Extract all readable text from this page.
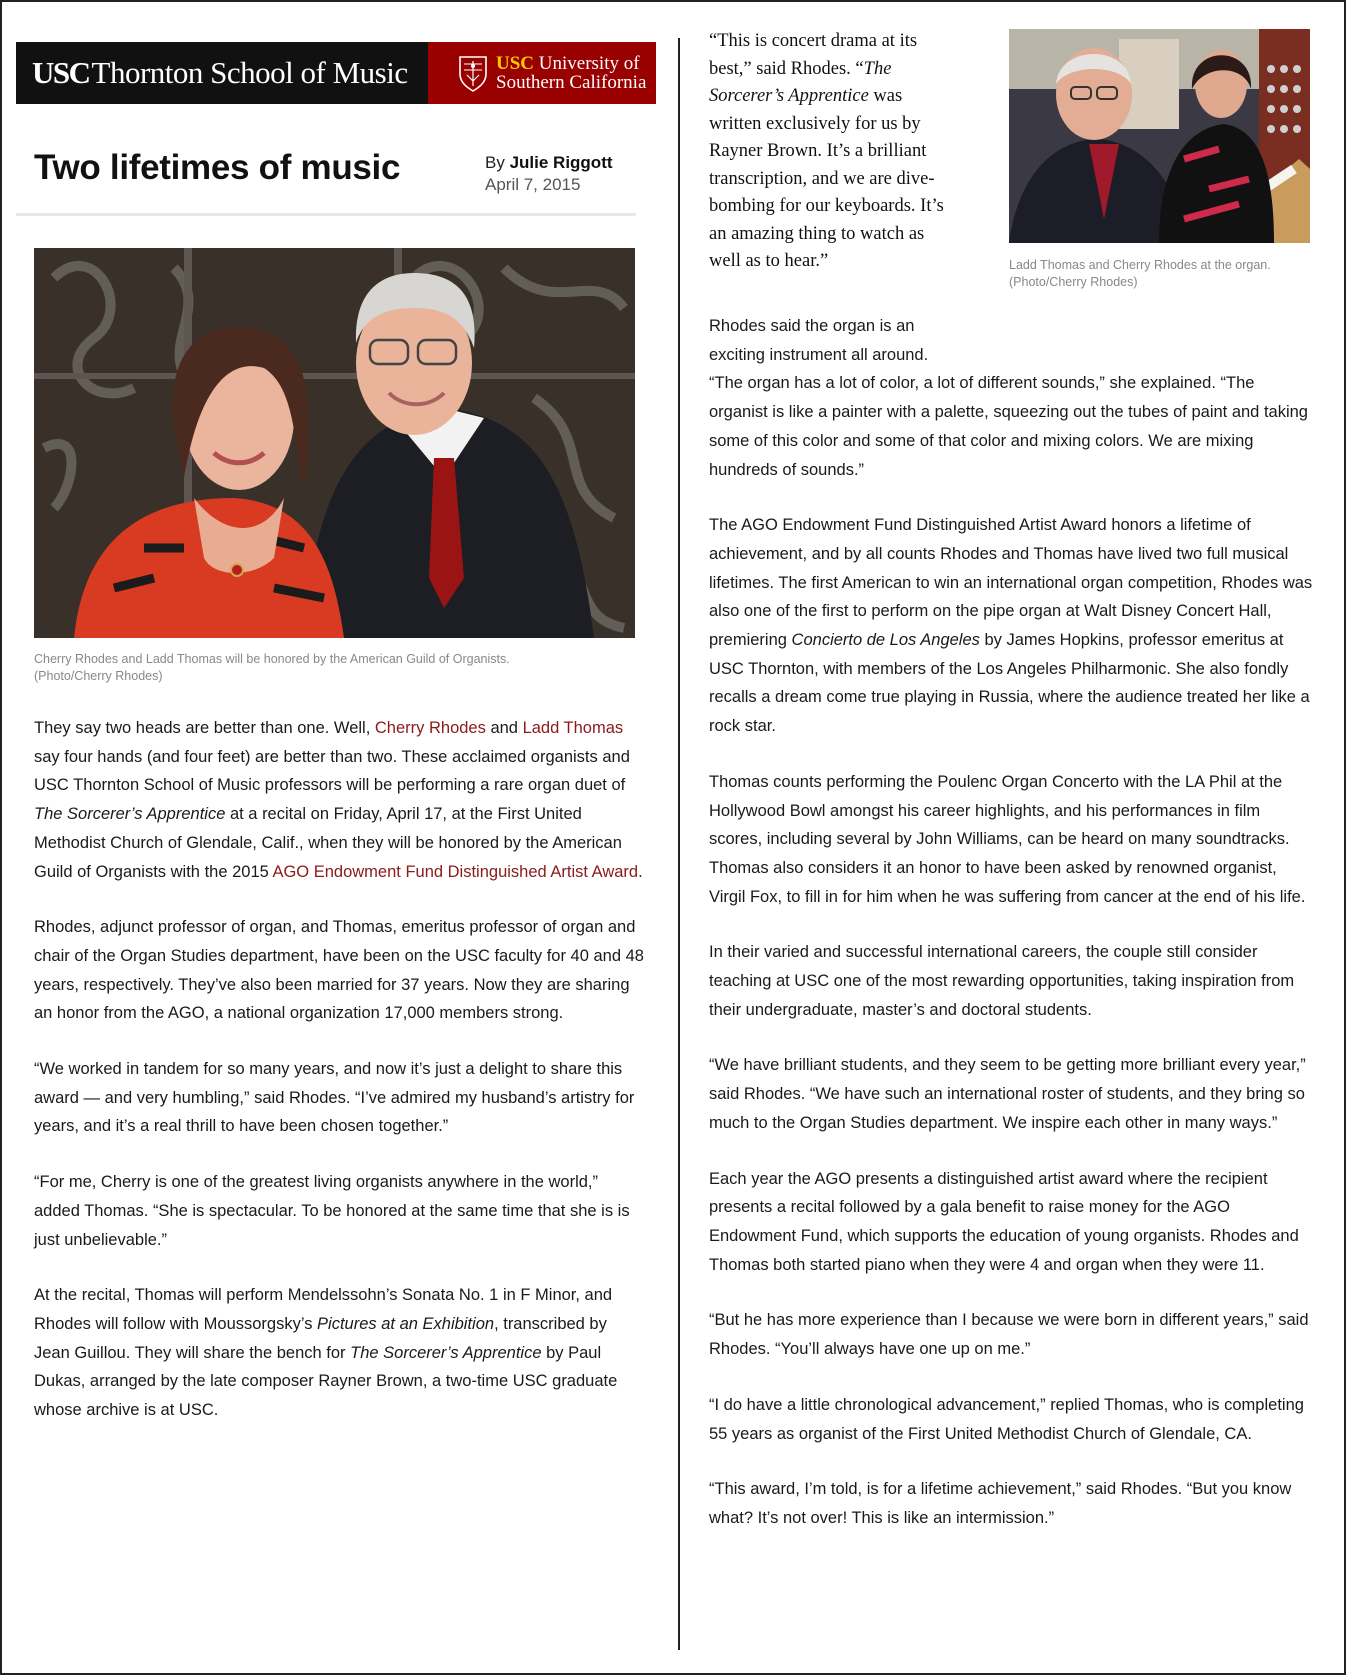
USC Thornton School of Music	USC University of
Southern California
Two lifetimes of music	By Julie Riggott
April 7, 2015
Cherry Rhodes and Ladd Thomas will be honored by the American Guild of Organists.
(Photo/Cherry Rhodes)

They say two heads are better than one. Well, Cherry Rhodes and Ladd Thomas say four hands (and four feet) are better than two. These acclaimed organists and USC Thornton School of Music professors will be performing a rare organ duet of The Sorcerer’s Apprentice at a recital on Friday, April 17, at the First United Methodist Church of Glendale, Calif., when they will be honored by the American Guild of Organists with the 2015 AGO Endowment Fund Distinguished Artist Award.

Rhodes, adjunct professor of organ, and Thomas, emeritus professor of organ and chair of the Organ Studies department, have been on the USC faculty for 40 and 48 years, respectively. They’ve also been married for 37 years. Now they are sharing an honor from the AGO, a national organization 17,000 members strong.

“We worked in tandem for so many years, and now it’s just a delight to share this award — and very humbling,” said Rhodes. “I’ve admired my husband’s artistry for years, and it’s a real thrill to have been chosen together.”

“For me, Cherry is one of the greatest living organists anywhere in the world,” added Thomas. “She is spectacular. To be honored at the same time that she is is just unbelievable.”

At the recital, Thomas will perform Mendelssohn’s Sonata No. 1 in F Minor, and Rhodes will follow with Moussorgsky’s Pictures at an Exhibition, transcribed by Jean Guillou. They will share the bench for The Sorcerer’s Apprentice by Paul Dukas, arranged by the late composer Rayner Brown, a two-time USC graduate whose archive is at USC.

“This is concert drama at its best,” said Rhodes. “The Sorcerer’s Apprentice was written exclusively for us by Rayner Brown. It’s a brilliant transcription, and we are dive-bombing for our keyboards. It’s an amazing thing to watch as well as to hear.”	Ladd Thomas and Cherry Rhodes at the organ.
(Photo/Cherry Rhodes)

Rhodes said the organ is an
exciting instrument all around.
“The organ has a lot of color, a lot of different sounds,” she explained. “The organist is like a painter with a palette, squeezing out the tubes of paint and taking some of this color and some of that color and mixing colors. We are mixing hundreds of sounds.”

The AGO Endowment Fund Distinguished Artist Award honors a lifetime of achievement, and by all counts Rhodes and Thomas have lived two full musical lifetimes. The first American to win an international organ competition, Rhodes was also one of the first to perform on the pipe organ at Walt Disney Concert Hall, premiering Concierto de Los Angeles by James Hopkins, professor emeritus at USC Thornton, with members of the Los Angeles Philharmonic. She also fondly recalls a dream come true playing in Russia, where the audience treated her like a rock star.

Thomas counts performing the Poulenc Organ Concerto with the LA Phil at the Hollywood Bowl amongst his career highlights, and his performances in film scores, including several by John Williams, can be heard on many soundtracks. Thomas also considers it an honor to have been asked by renowned organist, Virgil Fox, to fill in for him when he was suffering from cancer at the end of his life.

In their varied and successful international careers, the couple still consider teaching at USC one of the most rewarding opportunities, taking inspiration from their undergraduate, master’s and doctoral students.

“We have brilliant students, and they seem to be getting more brilliant every year,” said Rhodes. “We have such an international roster of students, and they bring so much to the Organ Studies department. We inspire each other in many ways.”

Each year the AGO presents a distinguished artist award where the recipient presents a recital followed by a gala benefit to raise money for the AGO Endowment Fund, which supports the education of young organists. Rhodes and Thomas both started piano when they were 4 and organ when they were 11.

“But he has more experience than I because we were born in different years,” said Rhodes. “You’ll always have one up on me.”

“I do have a little chronological advancement,” replied Thomas, who is completing 55 years as organist of the First United Methodist Church of Glendale, CA.

“This award, I’m told, is for a lifetime achievement,” said Rhodes. “But you know what? It’s not over! This is like an intermission.”
